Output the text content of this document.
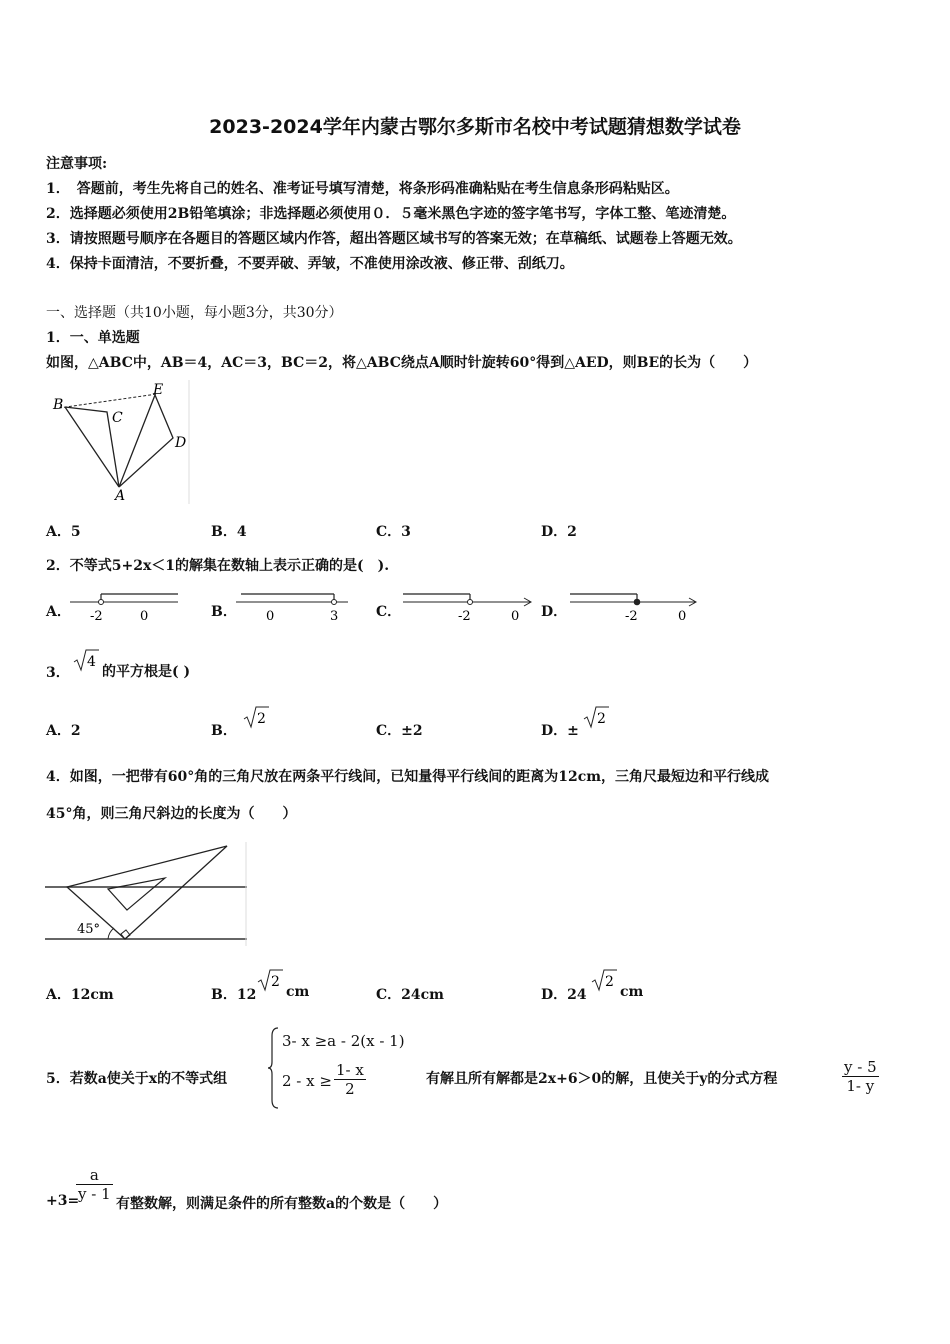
2023-2024学年内蒙古鄂尔多斯市名校中考试题猜想数学试卷
注意事项:
1．　答题前，考生先将自己的姓名、准考证号填写清楚，将条形码准确粘贴在考生信息条形码粘贴区。
2．选择题必须使用2B铅笔填涂；非选择题必须使用０．５毫米黑色字迹的签字笔书写，字体工整、笔迹清楚。
3．请按照题号顺序在各题目的答题区域内作答，超出答题区域书写的答案无效；在草稿纸、试题卷上答题无效。
4．保持卡面清洁，不要折叠，不要弄破、弄皱，不准使用涂改液、修正带、刮纸刀。
一、选择题（共10小题，每小题3分，共30分）
1．一、单选题
如图，△ABC中，AB＝4，AC＝3，BC＝2，将△ABC绕点A顺时针旋转60°得到△AED，则BE的长为（　　）
B
C
E
D
A
A．5	B．4	C．3	D．2
2．不等式5+2x＜1的解集在数轴上表示正确的是(　).
A． -2	0	B． 0	3	C．	-2	0 D．	-2	0
3．
4
的平方根是( )
A．2	B．
2
C．±2	D．±
2
4．如图，一把带有60°角的三角尺放在两条平行线间，已知量得平行线间的距离为12cm，三角尺最短边和平行线成
45°角，则三角尺斜边的长度为（　　）
45°
A．12cm	B．12
2
cm	C．24cm	D．24
2
cm
5．若数a使关于x的不等式组
3- x ≥a - 2(x - 1)
$2 - x \ge \frac{1- x}{2}$	有解且所有解都是2x+6＞0的解，且使关于y的分式方程	$\frac{y - 5}{1- y}$
+3=
$\frac{a}{y - 1}$
有整数解，则满足条件的所有整数a的个数是（　　）
